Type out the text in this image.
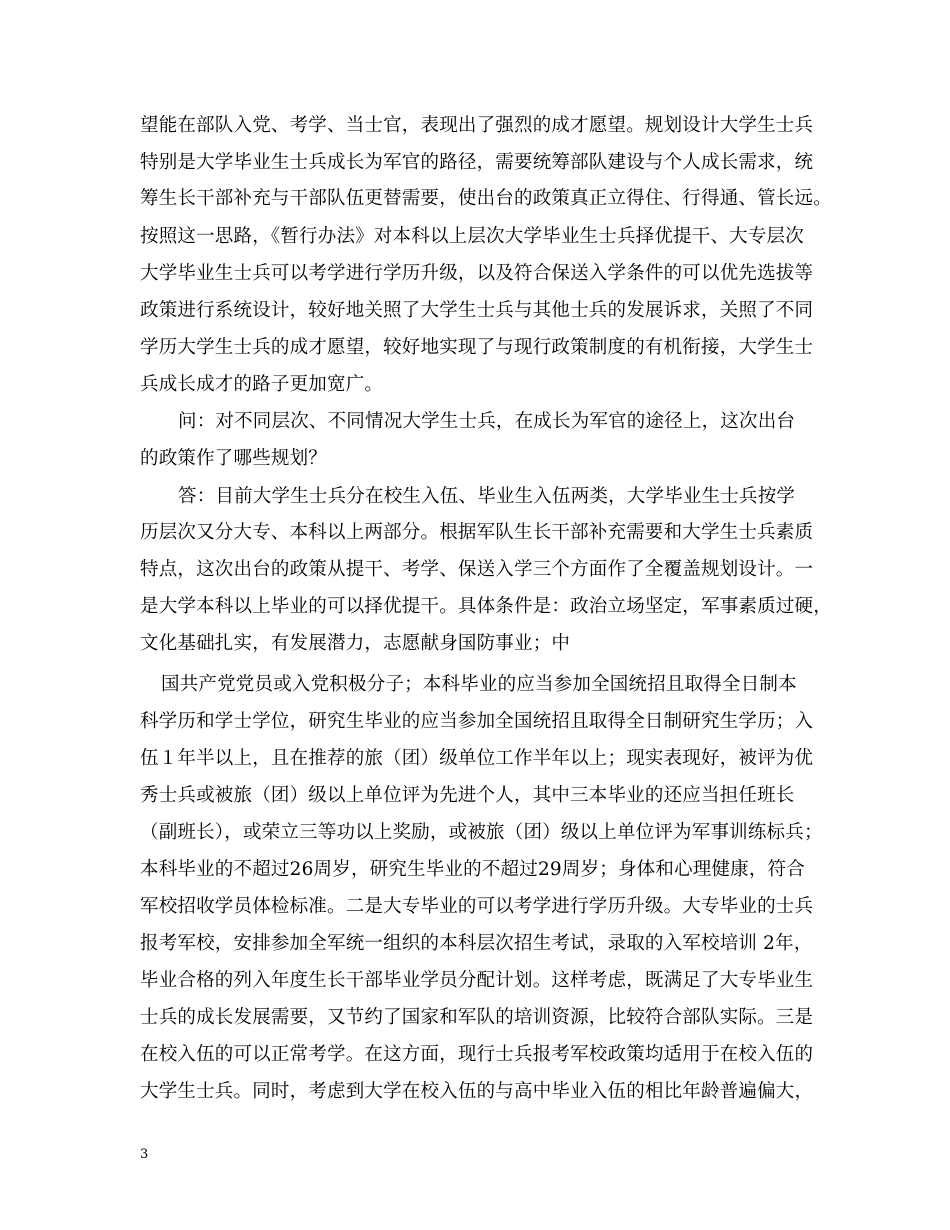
望能在部队入党、考学、当士官，表现出了强烈的成才愿望。规划设计大学生士兵
特别是大学毕业生士兵成长为军官的路径，需要统筹部队建设与个人成长需求，统
筹生长干部补充与干部队伍更替需要，使出台的政策真正立得住、行得通、管长远。
按照这一思路，《暂行办法》对本科以上层次大学毕业生士兵择优提干、大专层次
大学毕业生士兵可以考学进行学历升级，以及符合保送入学条件的可以优先选拔等
政策进行系统设计，较好地关照了大学生士兵与其他士兵的发展诉求，关照了不同
学历大学生士兵的成才愿望，较好地实现了与现行政策制度的有机衔接，大学生士
兵成长成才的路子更加宽广。
问：对不同层次、不同情况大学生士兵，在成长为军官的途径上，这次出台
的政策作了哪些规划？
答：目前大学生士兵分在校生入伍、毕业生入伍两类，大学毕业生士兵按学
历层次又分大专、本科以上两部分。根据军队生长干部补充需要和大学生士兵素质
特点，这次出台的政策从提干、考学、保送入学三个方面作了全覆盖规划设计。一
是大学本科以上毕业的可以择优提干。具体条件是：政治立场坚定，军事素质过硬，
文化基础扎实，有发展潜力，志愿献身国防事业；中
国共产党党员或入党积极分子；本科毕业的应当参加全国统招且取得全日制本
科学历和学士学位，研究生毕业的应当参加全国统招且取得全日制研究生学历；入
伍１年半以上，且在推荐的旅（团）级单位工作半年以上；现实表现好，被评为优
秀士兵或被旅（团）级以上单位评为先进个人，其中三本毕业的还应当担任班长
（副班长），或荣立三等功以上奖励，或被旅（团）级以上单位评为军事训练标兵；
本科毕业的不超过26周岁，研究生毕业的不超过29周岁；身体和心理健康，符合
军校招收学员体检标准。二是大专毕业的可以考学进行学历升级。大专毕业的士兵
报考军校，安排参加全军统一组织的本科层次招生考试，录取的入军校培训 2年，
毕业合格的列入年度生长干部毕业学员分配计划。这样考虑，既满足了大专毕业生
士兵的成长发展需要，又节约了国家和军队的培训资源，比较符合部队实际。三是
在校入伍的可以正常考学。在这方面，现行士兵报考军校政策均适用于在校入伍的
大学生士兵。同时，考虑到大学在校入伍的与高中毕业入伍的相比年龄普遍偏大，
3
